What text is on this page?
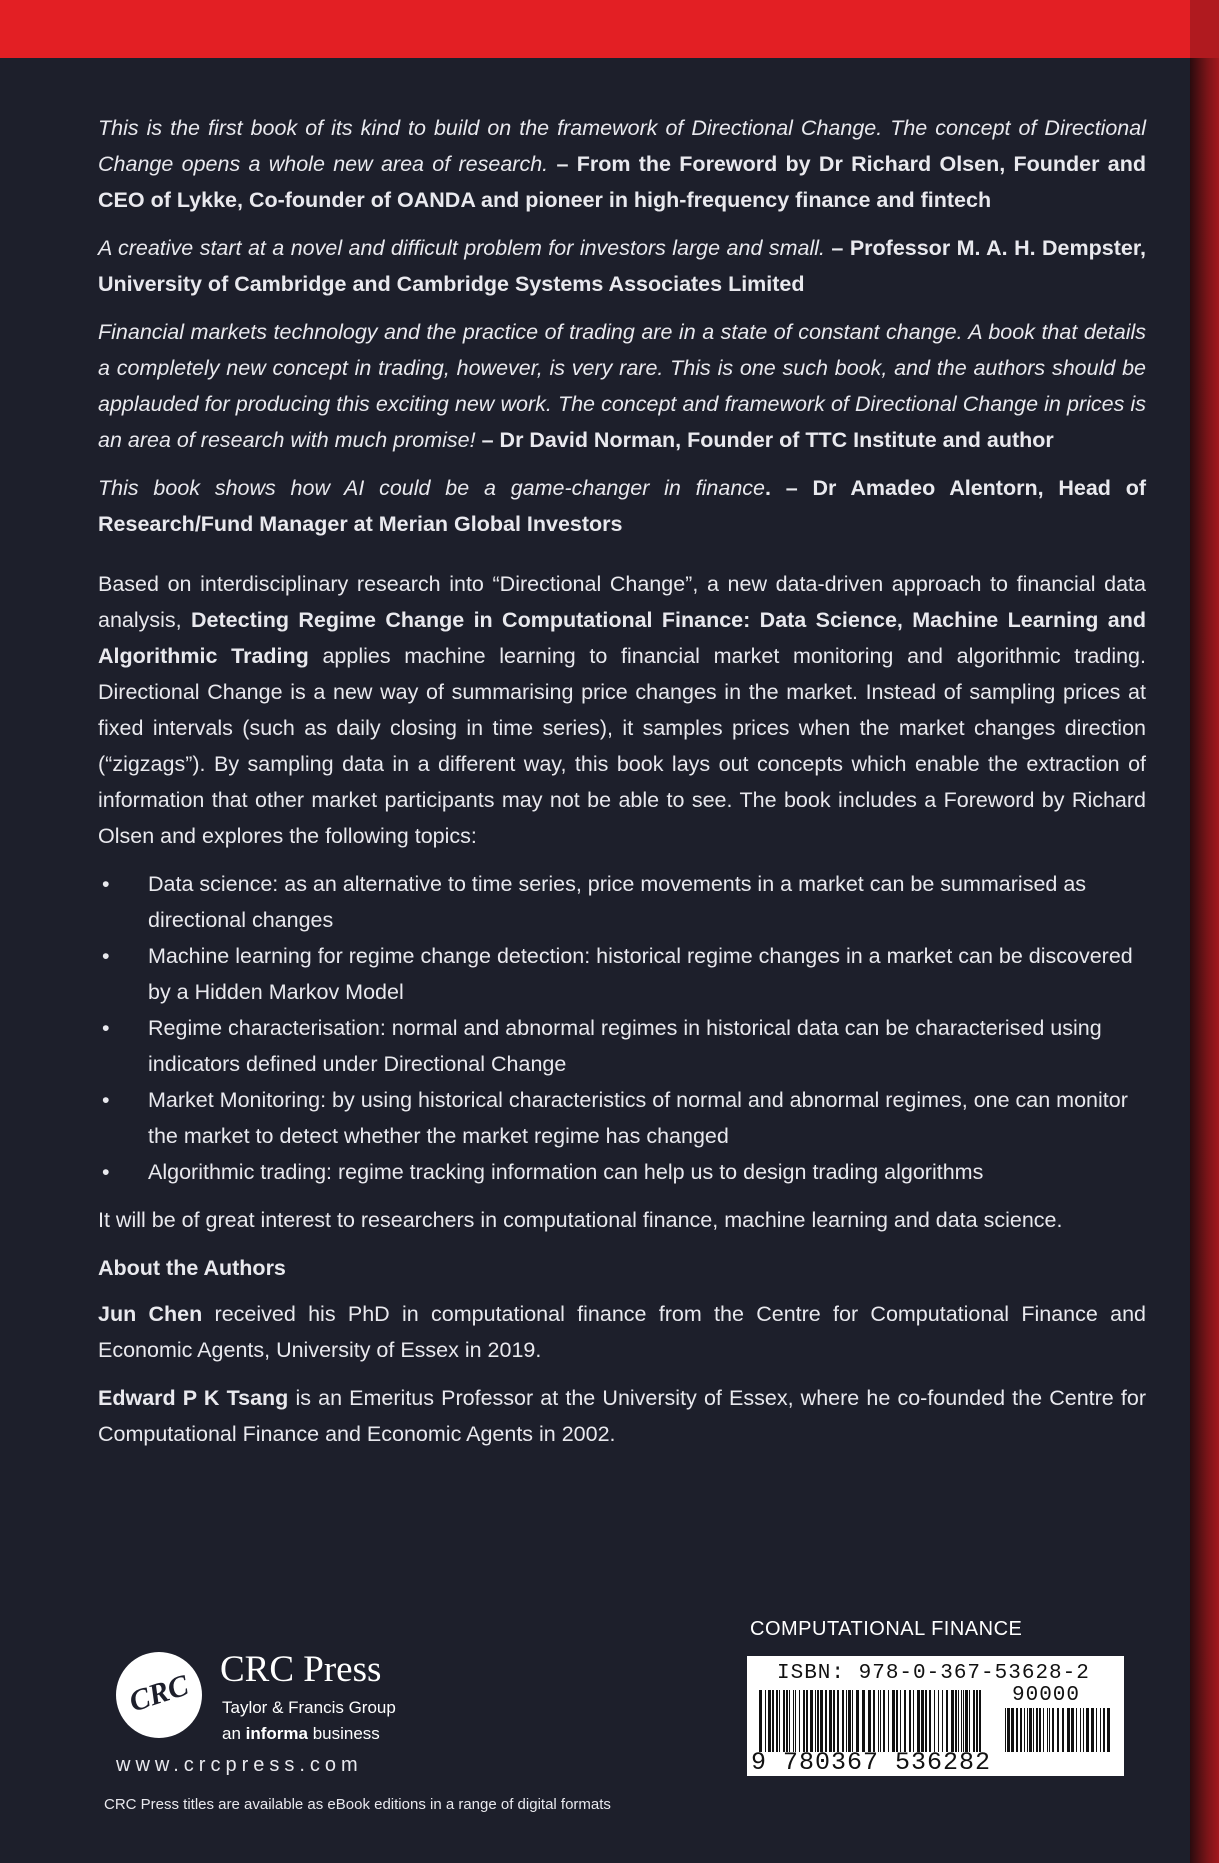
This is the first book of its kind to build on the framework of Directional Change. The concept of Directional Change opens a whole new area of research. – From the Foreword by Dr Richard Olsen, Founder and CEO of Lykke, Co-founder of OANDA and pioneer in high-frequency finance and fintech

A creative start at a novel and difficult problem for investors large and small. – Professor M. A. H. Dempster, University of Cambridge and Cambridge Systems Associates Limited

Financial markets technology and the practice of trading are in a state of constant change. A book that details a completely new concept in trading, however, is very rare. This is one such book, and the authors should be applauded for producing this exciting new work. The concept and framework of Directional Change in prices is an area of research with much promise! – Dr David Norman, Founder of TTC Institute and author

This book shows how AI could be a game-changer in finance. – Dr Amadeo Alentorn, Head of Research/Fund Manager at Merian Global Investors

Based on interdisciplinary research into “Directional Change”, a new data-driven approach to financial data analysis, Detecting Regime Change in Computational Finance: Data Science, Machine Learning and Algorithmic Trading applies machine learning to financial market monitoring and algorithmic trading. Directional Change is a new way of summarising price changes in the market. Instead of sampling prices at fixed intervals (such as daily closing in time series), it samples prices when the market changes direction (“zigzags”). By sampling data in a different way, this book lays out concepts which enable the extraction of information that other market participants may not be able to see. The book includes a Foreword by Richard Olsen and explores the following topics:

• Data science: as an alternative to time series, price movements in a market can be summarised as directional changes
• Machine learning for regime change detection: historical regime changes in a market can be discovered by a Hidden Markov Model
• Regime characterisation: normal and abnormal regimes in historical data can be characterised using indicators defined under Directional Change
• Market Monitoring: by using historical characteristics of normal and abnormal regimes, one can monitor the market to detect whether the market regime has changed
• Algorithmic trading: regime tracking information can help us to design trading algorithms

It will be of great interest to researchers in computational finance, machine learning and data science.

About the Authors

Jun Chen received his PhD in computational finance from the Centre for Computational Finance and Economic Agents, University of Essex in 2019.

Edward P K Tsang is an Emeritus Professor at the University of Essex, where he co-founded the Centre for Computational Finance and Economic Agents in 2002.

CRC CRC Press
Taylor & Francis Group
an informa business
www.crcpress.com
CRC Press titles are available as eBook editions in a range of digital formats
COMPUTATIONAL FINANCE
ISBN: 978-0-367-53628-2
90000
9 780367 536282
